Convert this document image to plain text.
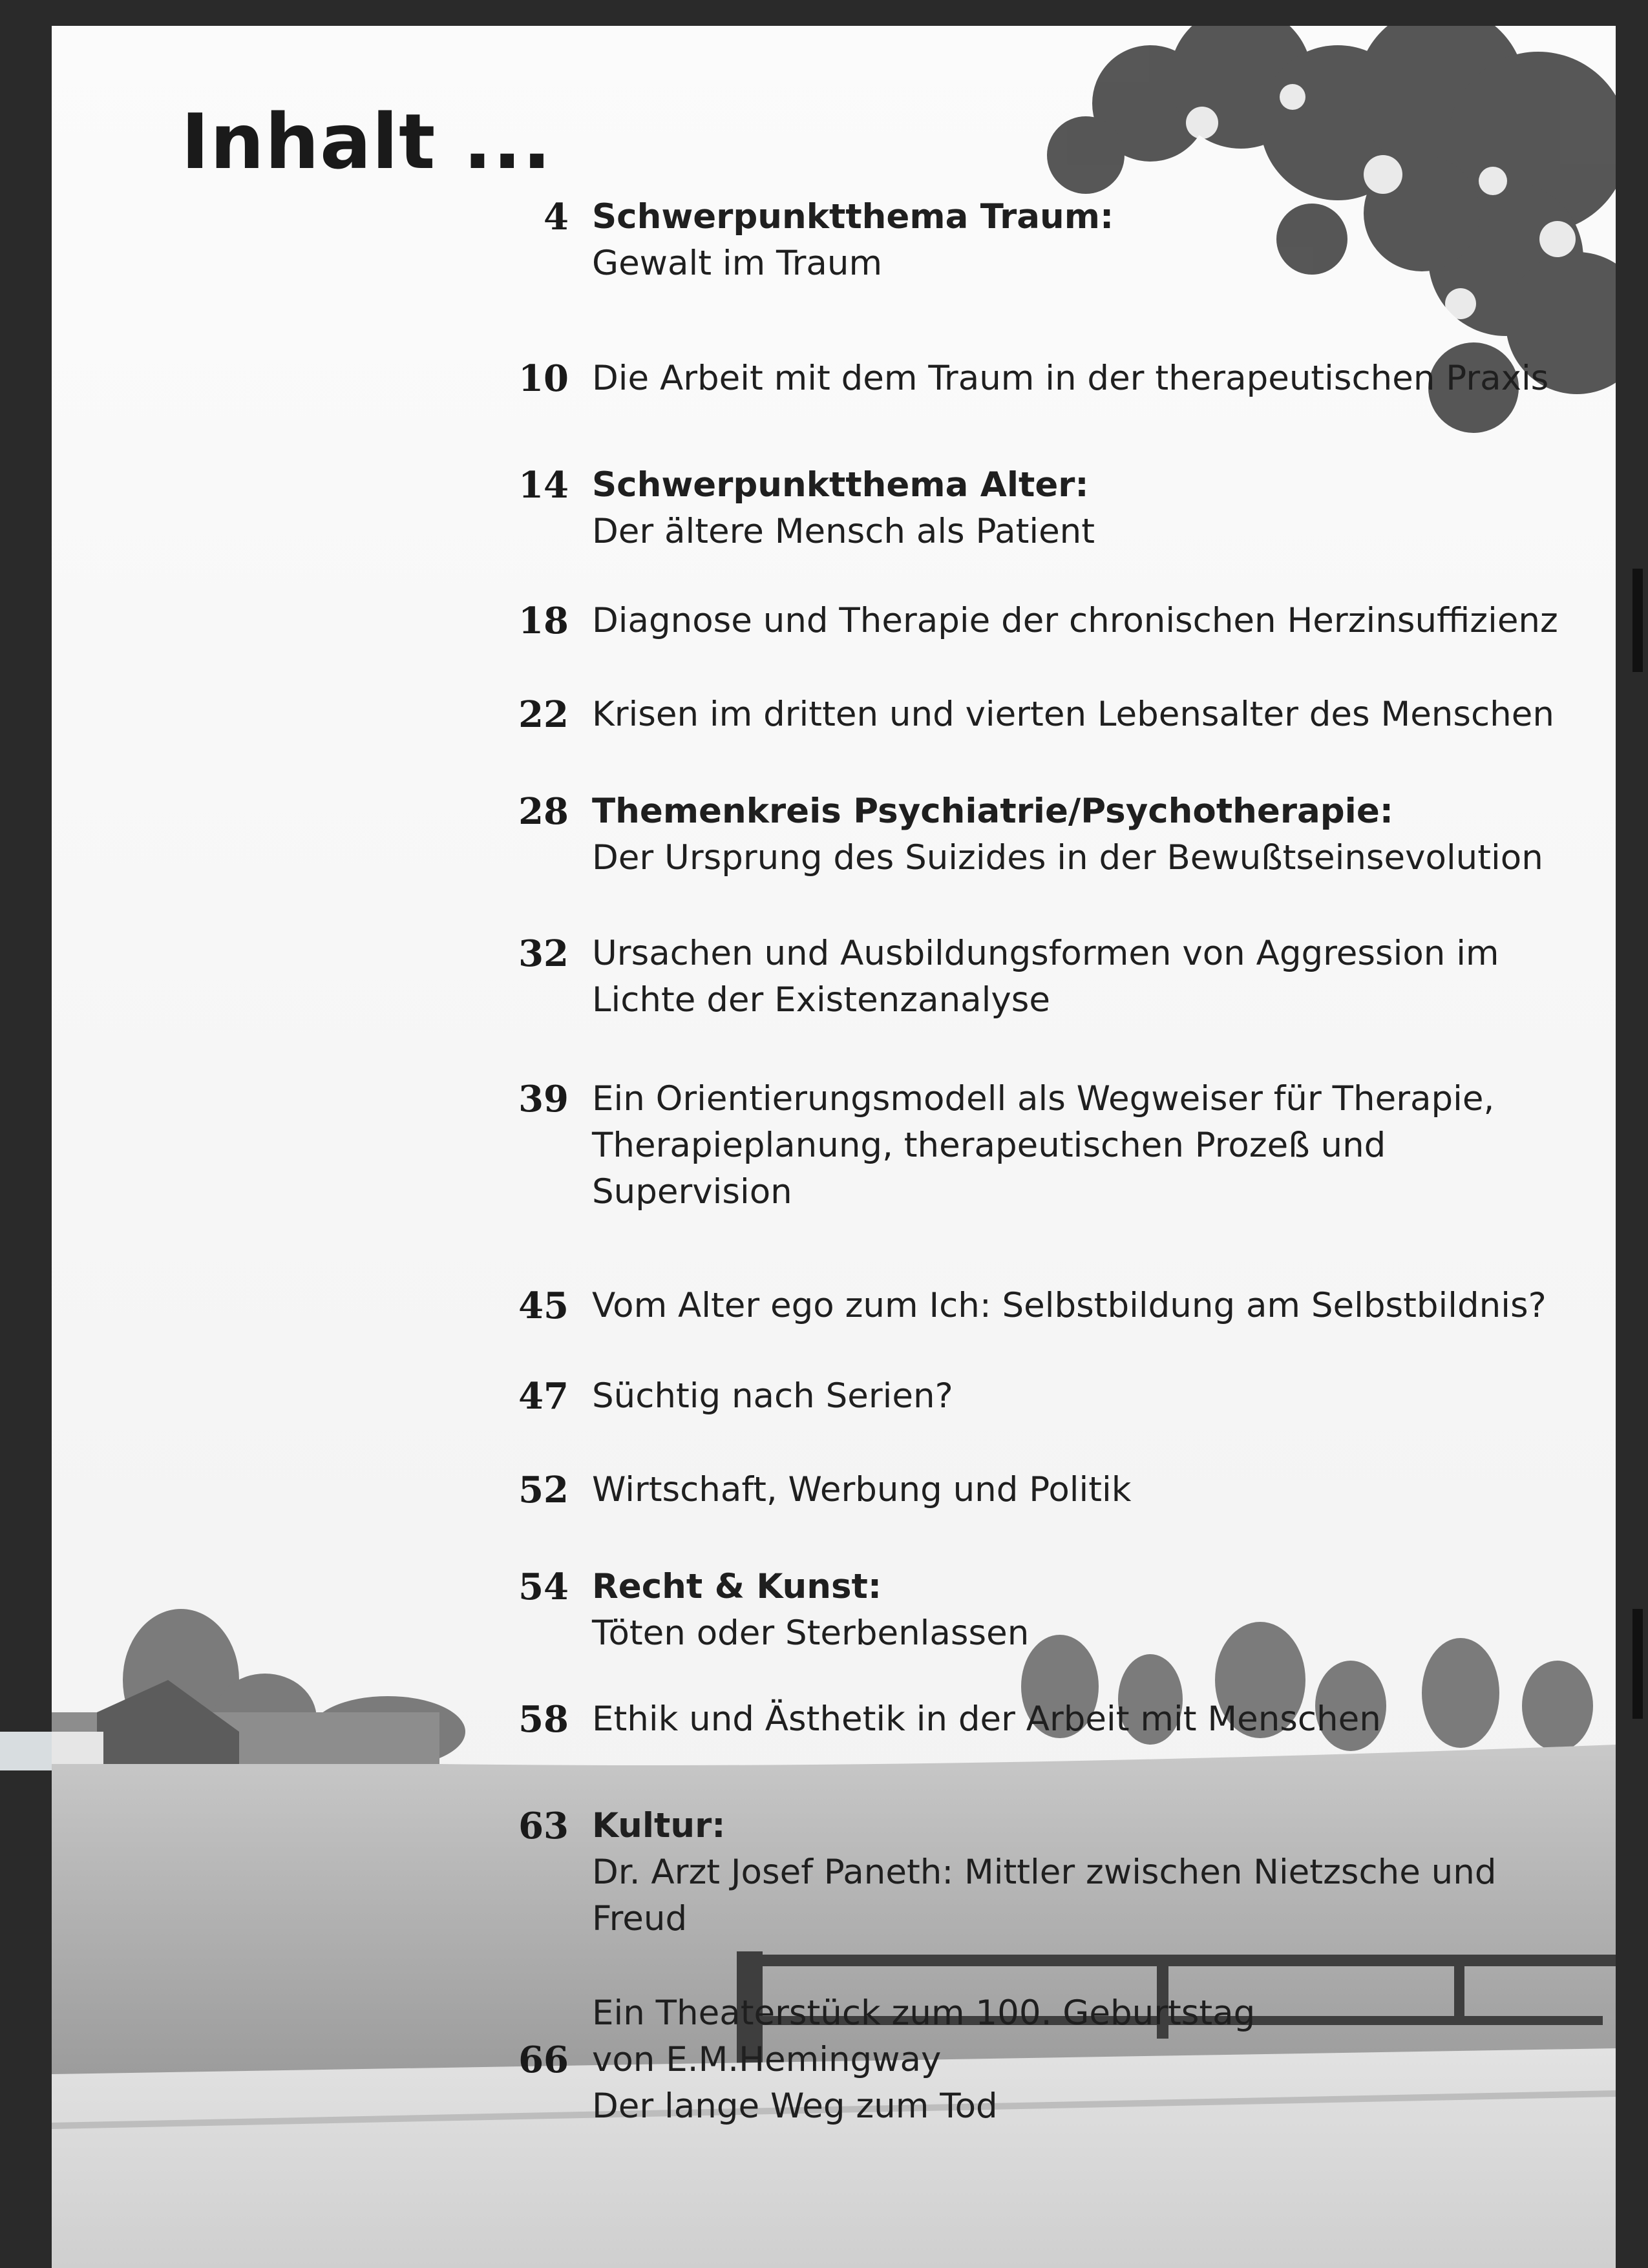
Inhalt ...
4 Schwerpunktthema Traum:
Gewalt im Traum
10 Die Arbeit mit dem Traum in der therapeutischen Praxis
14 Schwerpunktthema Alter:
Der ältere Mensch als Patient
18 Diagnose und Therapie der chronischen Herzinsuffizienz
22 Krisen im dritten und vierten Lebensalter des Menschen
28 Themenkreis Psychiatrie/Psychotherapie:
Der Ursprung des Suizides in der Bewußtseinsevolution
32 Ursachen und Ausbildungsformen von Aggression im
Lichte der Existenzanalyse
39 Ein Orientierungsmodell als Wegweiser für Therapie,
Therapieplanung, therapeutischen Prozeß und
Supervision
45 Vom Alter ego zum Ich: Selbstbildung am Selbstbildnis?
47 Süchtig nach Serien?
52 Wirtschaft, Werbung und Politik
54 Recht & Kunst:
Töten oder Sterbenlassen
58 Ethik und Ästhetik in der Arbeit mit Menschen
63 Kultur:
Dr. Arzt Josef Paneth: Mittler zwischen Nietzsche und
Freud
66
Ein Theaterstück zum 100. Geburtstag
von E.M.Hemingway
Der lange Weg zum Tod
